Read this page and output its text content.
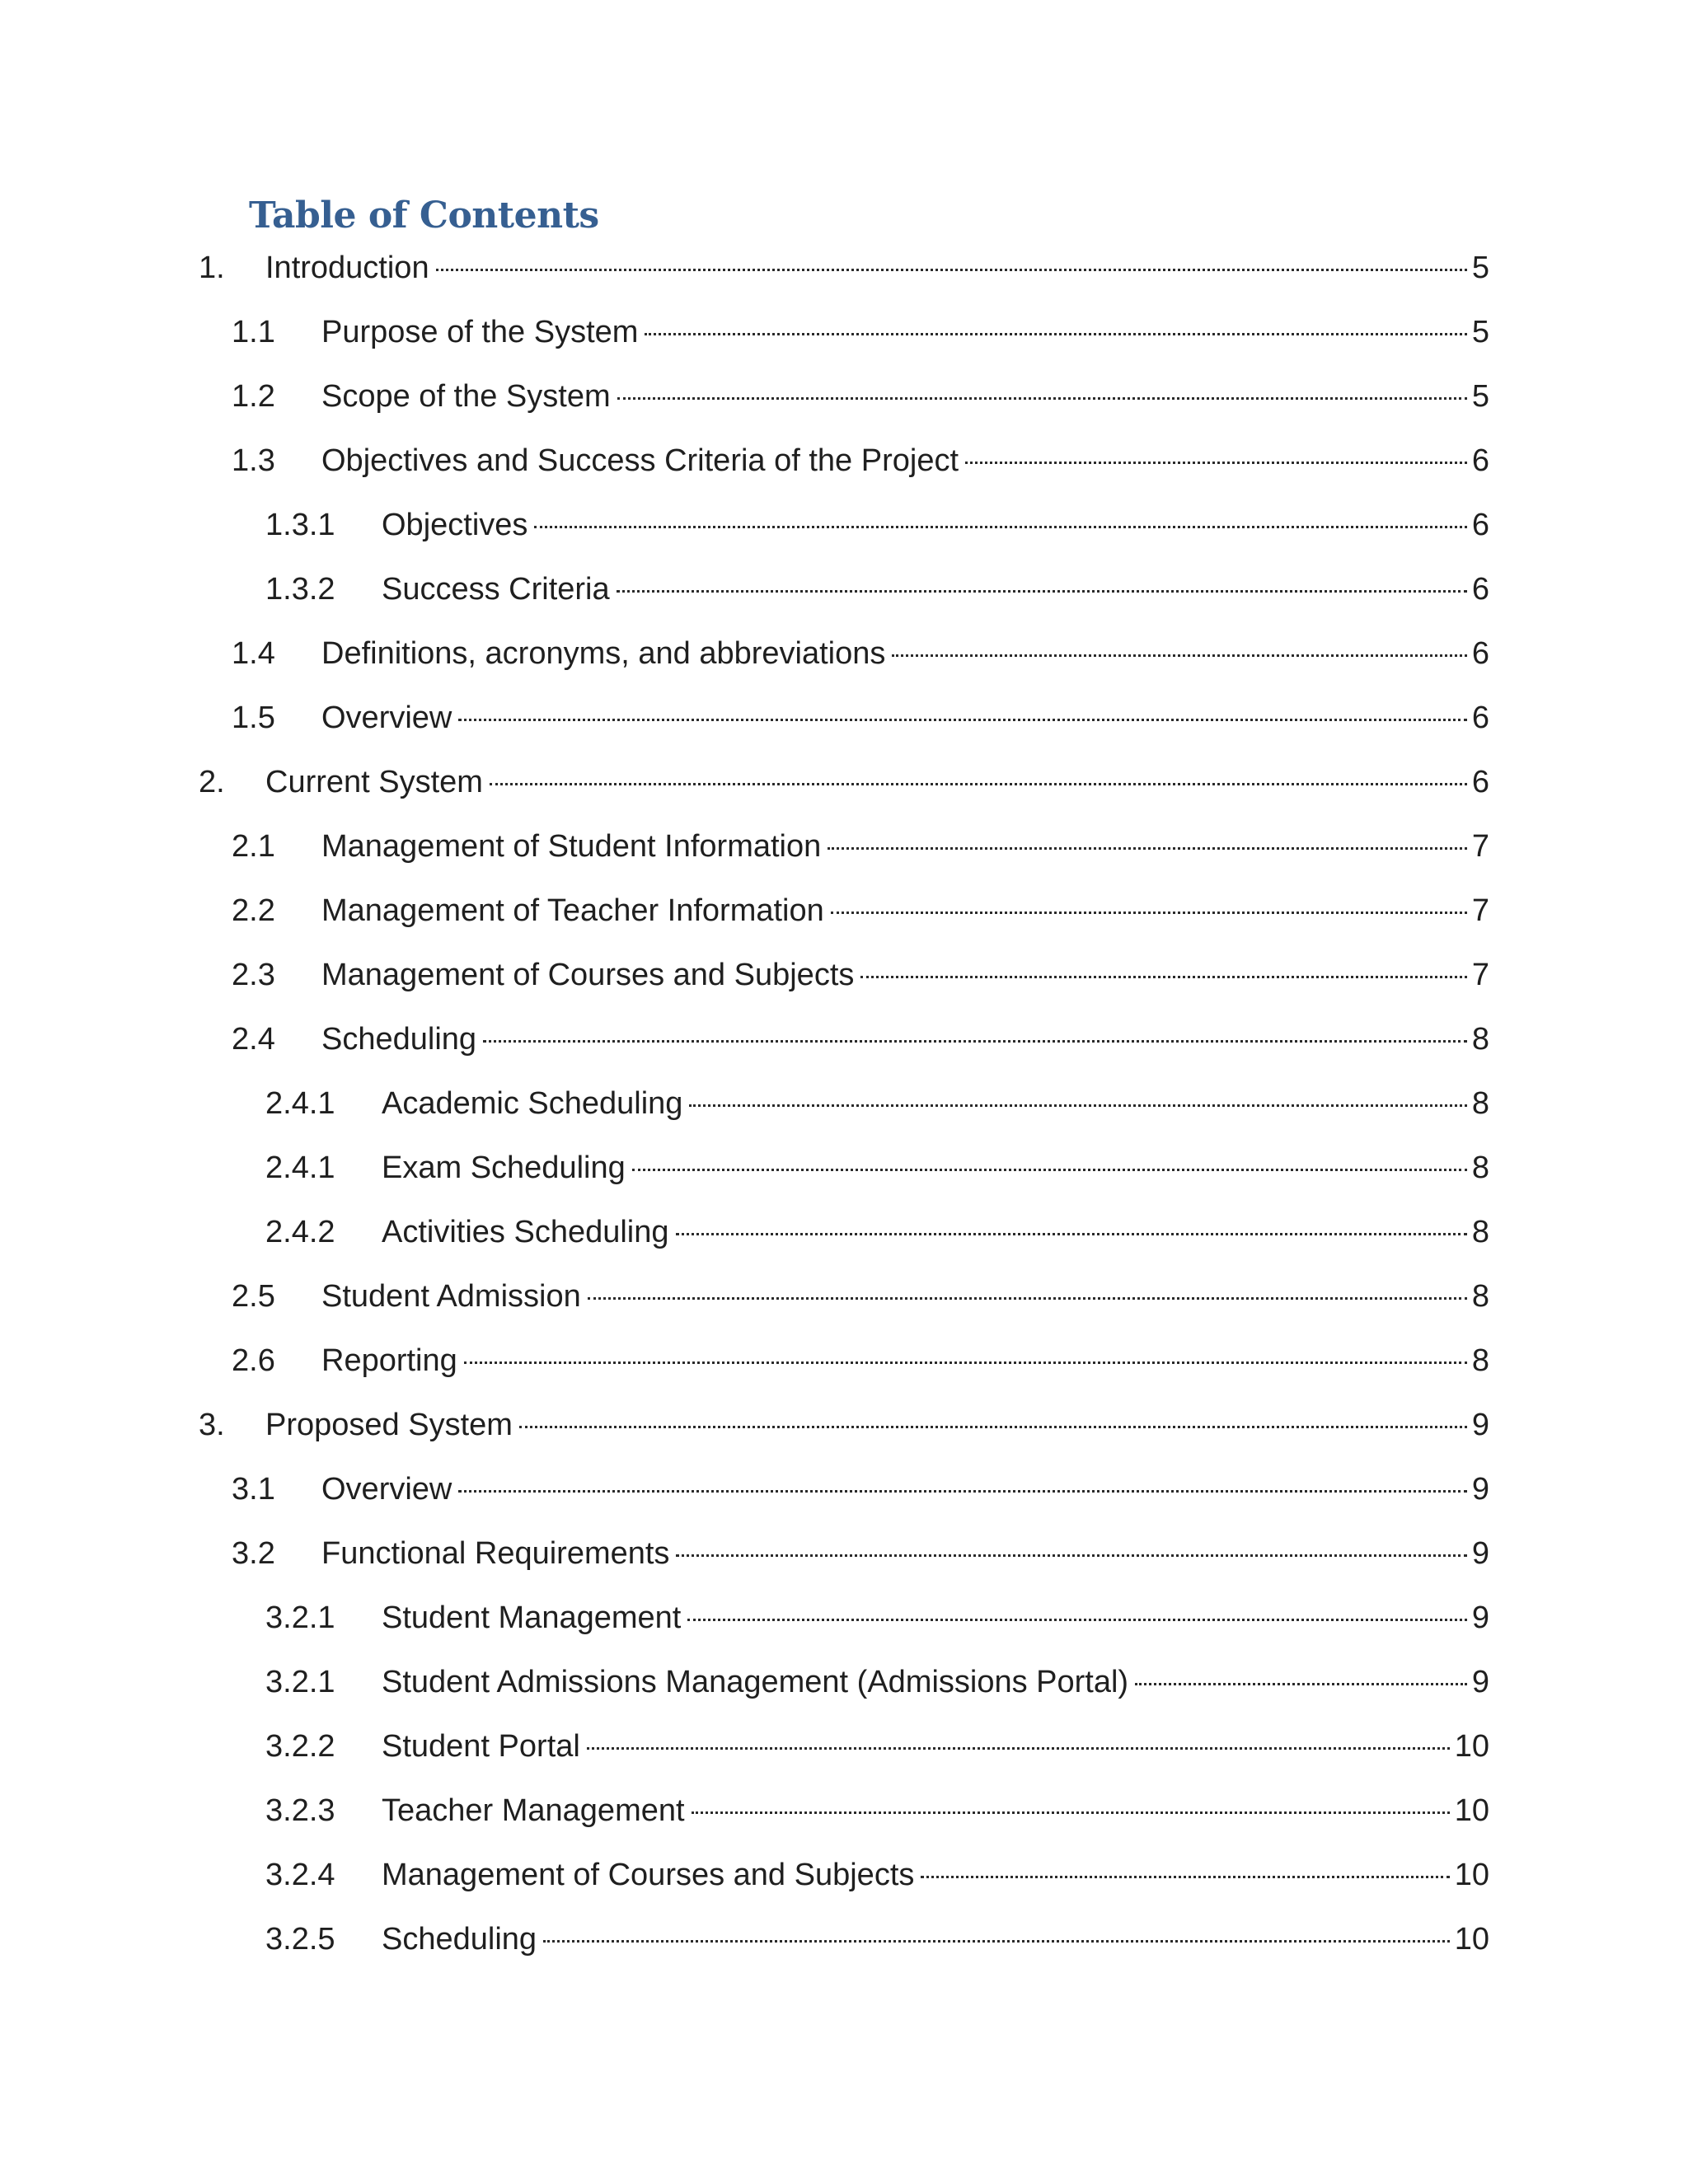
Table of Contents
1.	Introduction	5
1.1	Purpose of the System	5
1.2	Scope of the System	5
1.3	Objectives and Success Criteria of the Project	6
1.3.1	Objectives	6
1.3.2	Success Criteria	6
1.4	Definitions, acronyms, and abbreviations	6
1.5	Overview	6
2.	Current System	6
2.1	Management of Student Information	7
2.2	Management of Teacher Information	7
2.3	Management of Courses and Subjects	7
2.4	Scheduling	8
2.4.1	Academic Scheduling	8
2.4.1	Exam Scheduling	8
2.4.2	Activities Scheduling	8
2.5	Student Admission	8
2.6	Reporting	8
3.	Proposed System	9
3.1	Overview	9
3.2	Functional Requirements	9
3.2.1	Student Management	9
3.2.1	Student Admissions Management (Admissions Portal)	9
3.2.2	Student Portal	10
3.2.3	Teacher Management	10
3.2.4	Management of Courses and Subjects	10
3.2.5	Scheduling	10
